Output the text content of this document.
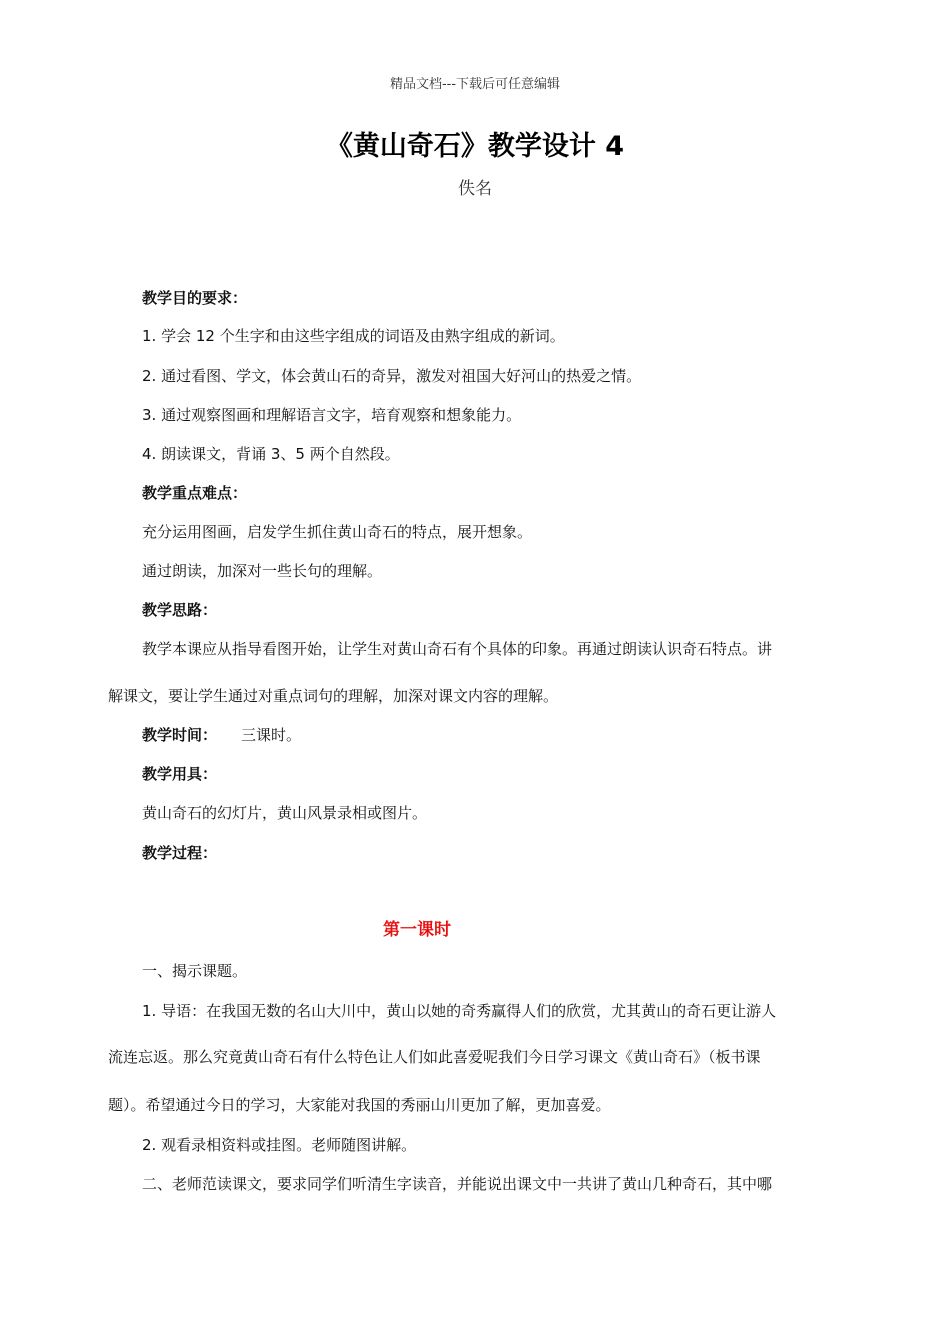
精品文档---下载后可任意编辑
《黄山奇石》教学设计 4
佚名
教学目的要求：
1. 学会 12 个生字和由这些字组成的词语及由熟字组成的新词。
2. 通过看图、学文，体会黄山石的奇异，激发对祖国大好河山的热爱之情。
3. 通过观察图画和理解语言文字，培育观察和想象能力。
4. 朗读课文，背诵 3、5 两个自然段。
教学重点难点：
充分运用图画，启发学生抓住黄山奇石的特点，展开想象。
通过朗读，加深对一些长句的理解。
教学思路：
教学本课应从指导看图开始，让学生对黄山奇石有个具体的印象。再通过朗读认识奇石特点。讲
解课文，要让学生通过对重点词句的理解，加深对课文内容的理解。
教学时间： 三课时。
教学用具：
黄山奇石的幻灯片，黄山风景录相或图片。
教学过程：
第一课时
一、揭示课题。
1. 导语：在我国无数的名山大川中，黄山以她的奇秀赢得人们的欣赏，尤其黄山的奇石更让游人
流连忘返。那么究竟黄山奇石有什么特色让人们如此喜爱呢我们今日学习课文《黄山奇石》（板书课
题）。希望通过今日的学习，大家能对我国的秀丽山川更加了解，更加喜爱。
2. 观看录相资料或挂图。老师随图讲解。
二、老师范读课文，要求同学们听清生字读音，并能说出课文中一共讲了黄山几种奇石，其中哪
